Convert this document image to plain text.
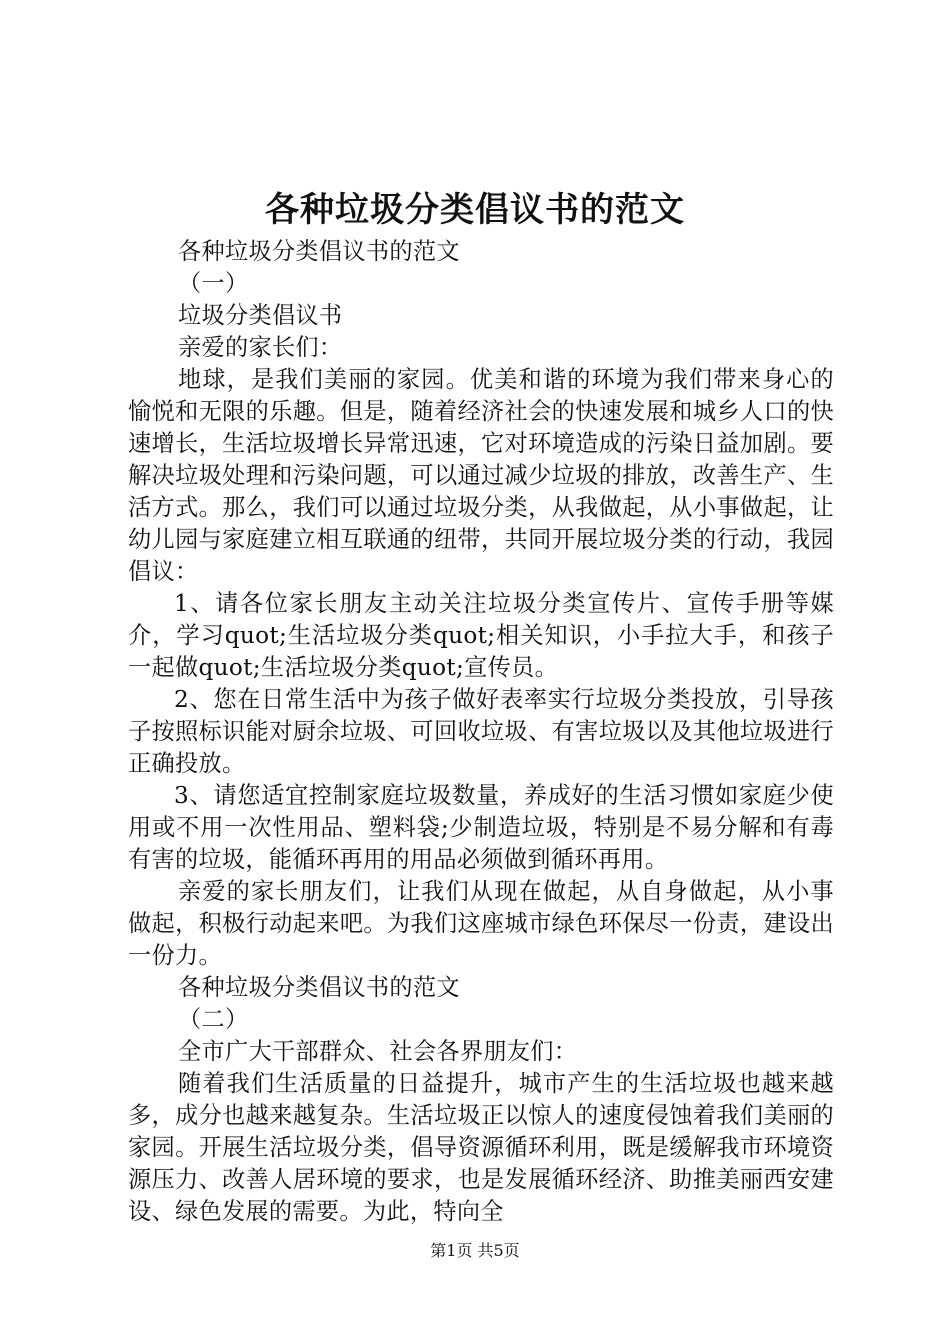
各种垃圾分类倡议书的范文

各种垃圾分类倡议书的范文

（一）

垃圾分类倡议书

亲爱的家长们：

地球，是我们美丽的家园。优美和谐的环境为我们带来身心的愉悦和无限的乐趣。但是，随着经济社会的快速发展和城乡人口的快速增长，生活垃圾增长异常迅速，它对环境造成的污染日益加剧。要解决垃圾处理和污染问题，可以通过减少垃圾的排放，改善生产、生活方式。那么，我们可以通过垃圾分类，从我做起，从小事做起，让幼儿园与家庭建立相互联通的纽带，共同开展垃圾分类的行动，我园倡议：

1、请各位家长朋友主动关注垃圾分类宣传片、宣传手册等媒介，学习quot;生活垃圾分类quot;相关知识，小手拉大手，和孩子一起做quot;生活垃圾分类quot;宣传员。

2、您在日常生活中为孩子做好表率实行垃圾分类投放，引导孩子按照标识能对厨余垃圾、可回收垃圾、有害垃圾以及其他垃圾进行正确投放。

3、请您适宜控制家庭垃圾数量，养成好的生活习惯如家庭少使用或不用一次性用品、塑料袋;少制造垃圾，特别是不易分解和有毒有害的垃圾，能循环再用的用品必须做到循环再用。

亲爱的家长朋友们，让我们从现在做起，从自身做起，从小事做起，积极行动起来吧。为我们这座城市绿色环保尽一份责，建设出一份力。

各种垃圾分类倡议书的范文

（二）

全市广大干部群众、社会各界朋友们：

随着我们生活质量的日益提升，城市产生的生活垃圾也越来越多，成分也越来越复杂。生活垃圾正以惊人的速度侵蚀着我们美丽的家园。开展生活垃圾分类，倡导资源循环利用，既是缓解我市环境资源压力、改善人居环境的要求，也是发展循环经济、助推美丽西安建设、绿色发展的需要。为此，特向全

第1页 共5页
